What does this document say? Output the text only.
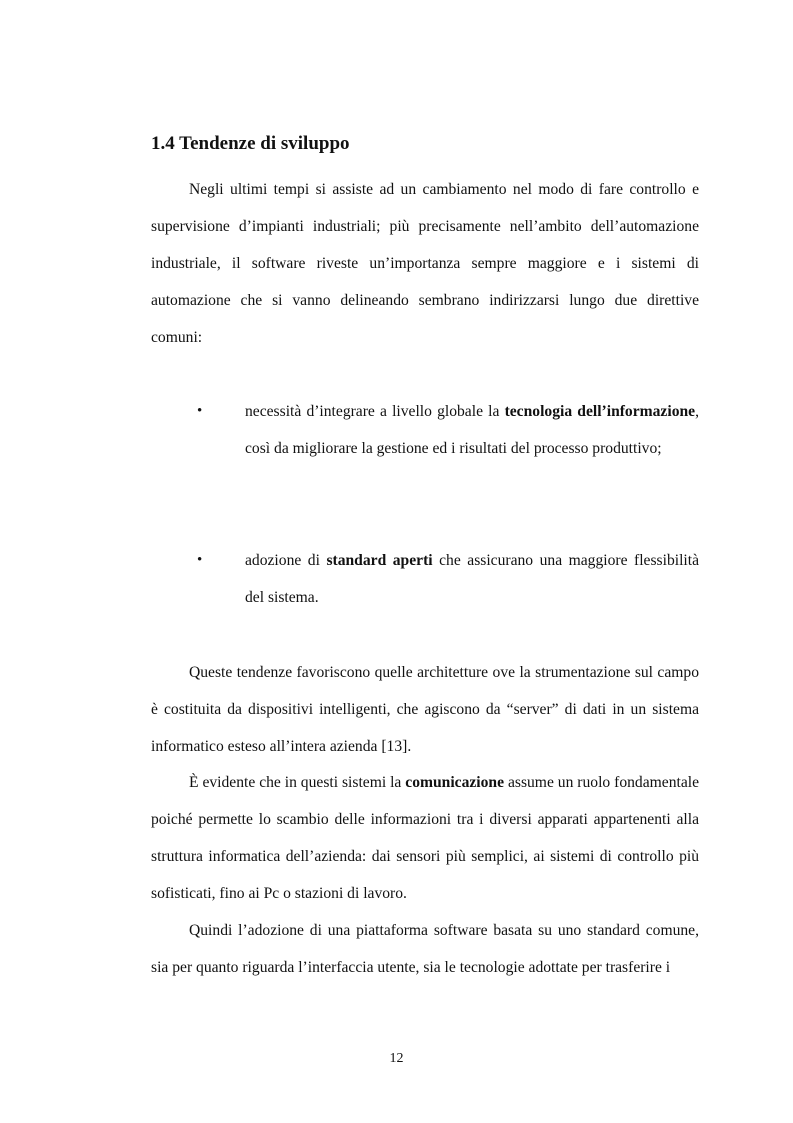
1.4 Tendenze di sviluppo

Negli ultimi tempi si assiste ad un cambiamento nel modo di fare controllo e supervisione d’impianti industriali; più precisamente nell’ambito dell’automazione industriale, il software riveste un’importanza sempre maggiore e i sistemi di automazione che si vanno delineando sembrano indirizzarsi lungo due direttive comuni:

•	necessità d’integrare a livello globale la tecnologia dell’informazione, così da migliorare la gestione ed i risultati del processo produttivo;

•	adozione di standard aperti che assicurano una maggiore flessibilità del sistema.

Queste tendenze favoriscono quelle architetture ove la strumentazione sul campo è costituita da dispositivi intelligenti, che agiscono da “server” di dati in un sistema informatico esteso all’intera azienda [13].

È evidente che in questi sistemi la comunicazione assume un ruolo fondamentale poiché permette lo scambio delle informazioni tra i diversi apparati appartenenti alla struttura informatica dell’azienda: dai sensori più semplici, ai sistemi di controllo più sofisticati, fino ai Pc o stazioni di lavoro.

Quindi l’adozione di una piattaforma software basata su uno standard comune, sia per quanto riguarda l’interfaccia utente, sia le tecnologie adottate per trasferire i

12
